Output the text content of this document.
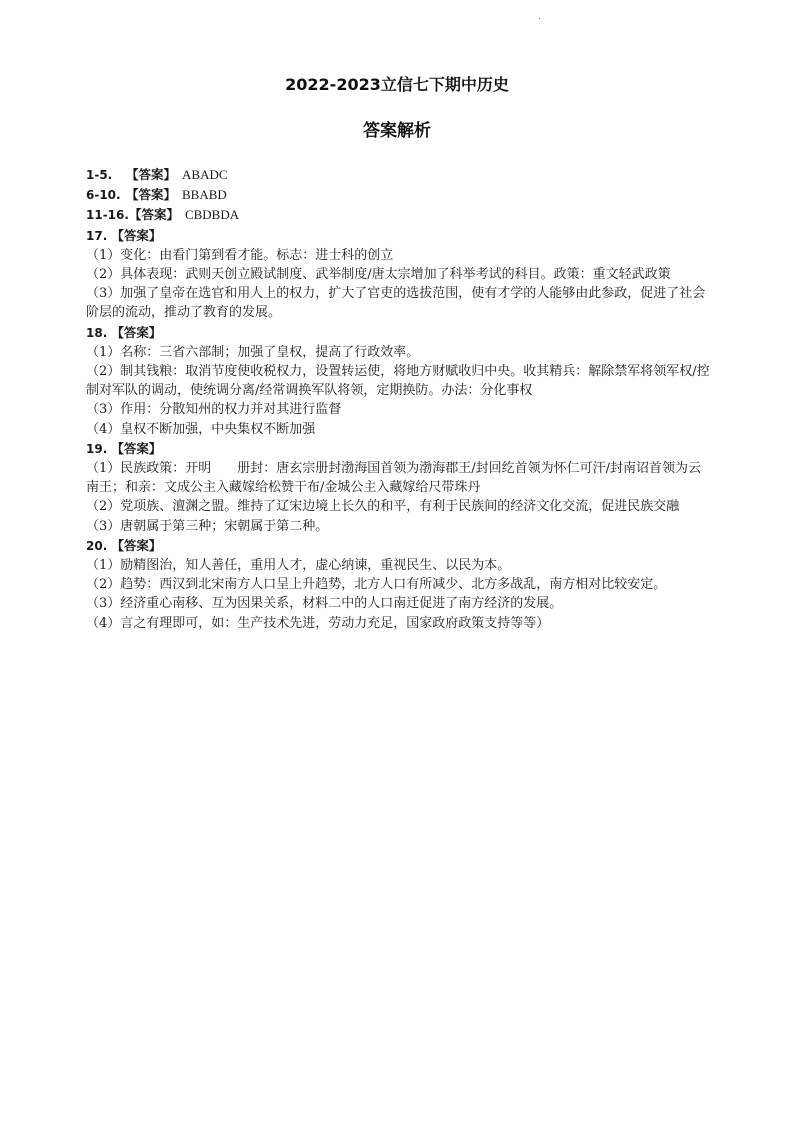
.
2022-2023立信七下期中历史
答案解析
1-5. 【答案】 ABADC
6-10. 【答案】 BBABD
11-16.【答案】 CBDBDA
17. 【答案】
（1）变化：由看门第到看才能。标志：进士科的创立
（2）具体表现：武则天创立殿试制度、武举制度/唐太宗增加了科举考试的科目。政策：重文轻武政策
（3）加强了皇帝在选官和用人上的权力，扩大了官吏的选拔范围，使有才学的人能够由此参政，促进了社会阶层的流动，推动了教育的发展。
18. 【答案】
（1）名称：三省六部制；加强了皇权，提高了行政效率。
（2）制其钱粮：取消节度使收税权力，设置转运使，将地方财赋收归中央。收其精兵：解除禁军将领军权/控制对军队的调动，使统调分离/经常调换军队将领，定期换防。办法：分化事权
（3）作用：分散知州的权力并对其进行监督
（4）皇权不断加强，中央集权不断加强
19. 【答案】
（1）民族政策：开明　　册封：唐玄宗册封渤海国首领为渤海郡王/封回纥首领为怀仁可汗/封南诏首领为云南王；和亲：文成公主入藏嫁给松赞干布/金城公主入藏嫁给尺带珠丹
（2）党项族、澶渊之盟。维持了辽宋边境上长久的和平，有利于民族间的经济文化交流，促进民族交融
（3）唐朝属于第三种；宋朝属于第二种。
20. 【答案】
（1）励精图治，知人善任，重用人才，虚心纳谏，重视民生、以民为本。
（2）趋势：西汉到北宋南方人口呈上升趋势，北方人口有所减少、北方多战乱，南方相对比较安定。
（3）经济重心南移、互为因果关系，材料二中的人口南迁促进了南方经济的发展。
（4）言之有理即可，如：生产技术先进，劳动力充足，国家政府政策支持等等）
